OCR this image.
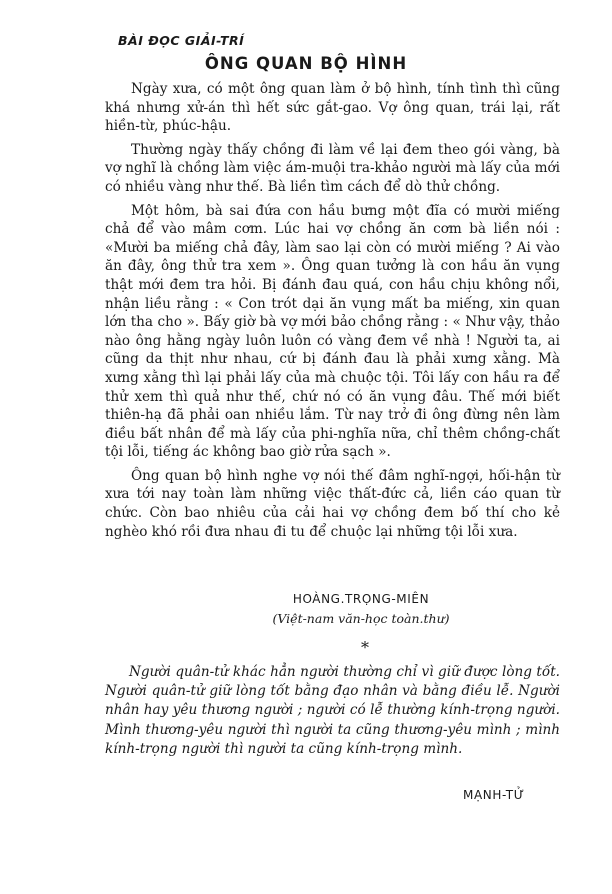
BÀI ĐỌC GIẢI-TRÍ
ÔNG QUAN BỘ HÌNH

Ngày xưa, có một ông quan làm ở bộ hình, tính tình thì cũng khá nhưng xử-án thì hết sức gắt-gao. Vợ ông quan, trái lại, rất hiền-từ, phúc-hậu.

Thường ngày thấy chồng đi làm về lại đem theo gói vàng, bà vợ nghĩ là chồng làm việc ám-muội tra-khảo người mà lấy của mới có nhiều vàng như thế. Bà liền tìm cách để dò thử chồng.

Một hôm, bà sai đứa con hầu bưng một đĩa có mười miếng chả để vào mâm cơm. Lúc hai vợ chồng ăn cơm bà liền nói : «Mười ba miếng chả đây, làm sao lại còn có mười miếng ? Ai vào ăn đây, ông thử tra xem ». Ông quan tưởng là con hầu ăn vụng thật mới đem tra hỏi. Bị đánh đau quá, con hầu chịu không nổi, nhận liều rằng : « Con trót dại ăn vụng mất ba miếng, xin quan lớn tha cho ». Bấy giờ bà vợ mới bảo chồng rằng : « Như vậy, thảo nào ông hằng ngày luôn luôn có vàng đem về nhà ! Người ta, ai cũng da thịt như nhau, cứ bị đánh đau là phải xưng xằng. Mà xưng xằng thì lại phải lấy của mà chuộc tội. Tôi lấy con hầu ra để thử xem thì quả như thế, chứ nó có ăn vụng đâu. Thế mới biết thiên-hạ đã phải oan nhiều lắm. Từ nay trở đi ông đừng nên làm điều bất nhân để mà lấy của phi-nghĩa nữa, chỉ thêm chồng-chất tội lỗi, tiếng ác không bao giờ rửa sạch ».

Ông quan bộ hình nghe vợ nói thế đâm nghĩ-ngợi, hối-hận từ xưa tới nay toàn làm những việc thất-đức cả, liền cáo quan từ chức. Còn bao nhiêu của cải hai vợ chồng đem bố thí cho kẻ nghèo khó rồi đưa nhau đi tu để chuộc lại những tội lỗi xưa.

HOÀNG.TRỌNG-MIÊN
(Việt-nam văn-học toàn.thư)
*

Người quân-tử khác hẳn người thường chỉ vì giữ được lòng tốt. Người quân-tử giữ lòng tốt bằng đạo nhân và bằng điều lễ. Người nhân hay yêu thương người ; người có lễ thường kính-trọng người. Mình thương-yêu người thì người ta cũng thương-yêu mình ; mình kính-trọng người thì người ta cũng kính-trọng mình.

MẠNH-TỬ
